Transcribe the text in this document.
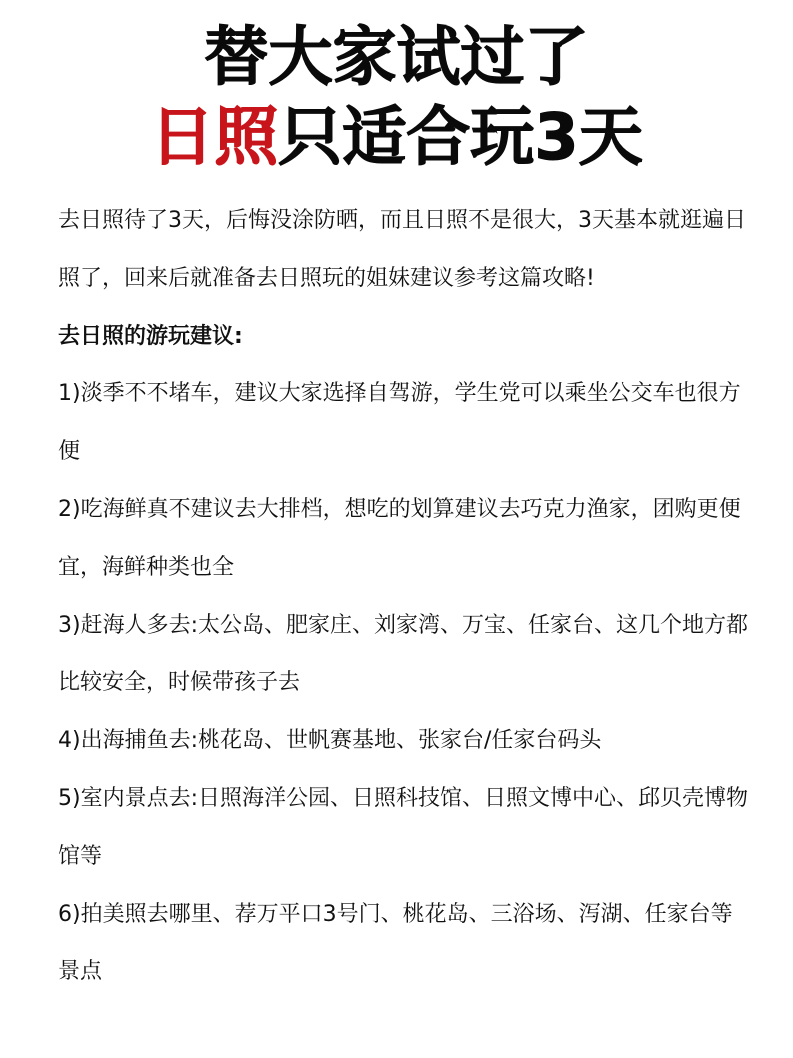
替大家试过了
日照只适合玩3天

去日照待了3天，后悔没涂防晒，而且日照不是很大，3天基本就逛遍日照了，回来后就准备去日照玩的姐妹建议参考这篇攻略!

去日照的游玩建议:

1)淡季不不堵车，建议大家选择自驾游，学生党可以乘坐公交车也很方便

2)吃海鲜真不建议去大排档，想吃的划算建议去巧克力渔家，团购更便宜，海鲜种类也全

3)赶海人多去:太公岛、肥家庄、刘家湾、万宝、任家台、这几个地方都比较安全，时候带孩子去

4)出海捕鱼去:桃花岛、世帆赛基地、张家台/任家台码头

5)室内景点去:日照海洋公园、日照科技馆、日照文博中心、邱贝壳博物馆等

6)拍美照去哪里、荐万平口3号门、桃花岛、三浴场、泻湖、任家台等景点
